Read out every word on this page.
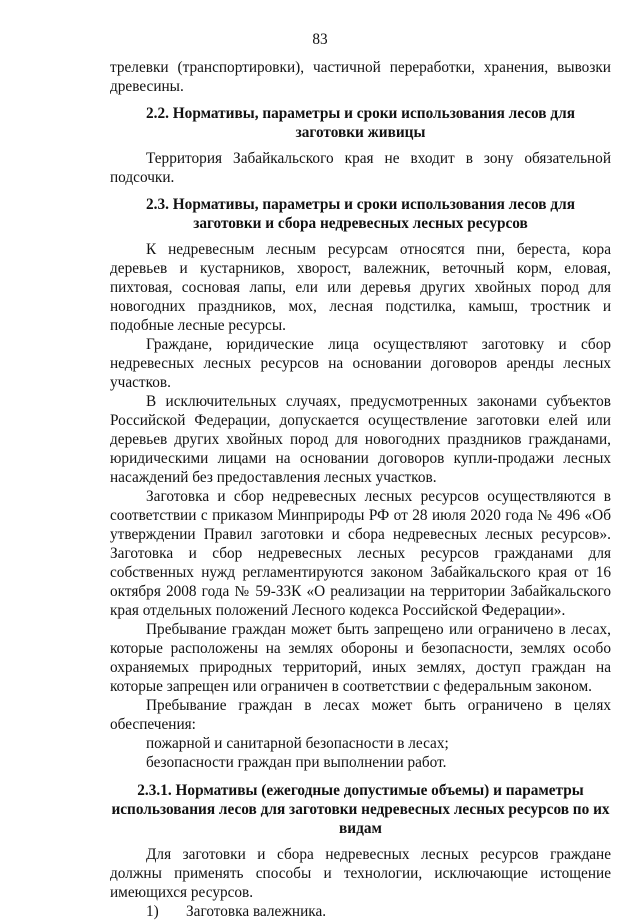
83

трелевки (транспортировки), частичной переработки, хранения, вывозки древесины.

2.2. Нормативы, параметры и сроки использования лесов для заготовки живицы

Территория Забайкальского края не входит в зону обязательной подсочки.

2.3. Нормативы, параметры и сроки использования лесов для заготовки и сбора недревесных лесных ресурсов

К недревесным лесным ресурсам относятся пни, береста, кора деревьев и кустарников, хворост, валежник, веточный корм, еловая, пихтовая, сосновая лапы, ели или деревья других хвойных пород для новогодних праздников, мох, лесная подстилка, камыш, тростник и подобные лесные ресурсы.

Граждане, юридические лица осуществляют заготовку и сбор недревесных лесных ресурсов на основании договоров аренды лесных участков.

В исключительных случаях, предусмотренных законами субъектов Российской Федерации, допускается осуществление заготовки елей или деревьев других хвойных пород для новогодних праздников гражданами, юридическими лицами на основании договоров купли-продажи лесных насаждений без предоставления лесных участков.

Заготовка и сбор недревесных лесных ресурсов осуществляются в соответствии с приказом Минприроды РФ от 28 июля 2020 года № 496 «Об утверждении Правил заготовки и сбора недревесных лесных ресурсов». Заготовка и сбор недревесных лесных ресурсов гражданами для собственных нужд регламентируются законом Забайкальского края от 16 октября 2008 года № 59-ЗЗК «О реализации на территории Забайкальского края отдельных положений Лесного кодекса Российской Федерации».

Пребывание граждан может быть запрещено или ограничено в лесах, которые расположены на землях обороны и безопасности, землях особо охраняемых природных территорий, иных землях, доступ граждан на которые запрещен или ограничен в соответствии с федеральным законом.

Пребывание граждан в лесах может быть ограничено в целях обеспечения:

пожарной и санитарной безопасности в лесах;

безопасности граждан при выполнении работ.

2.3.1. Нормативы (ежегодные допустимые объемы) и параметры использования лесов для заготовки недревесных лесных ресурсов по их видам

Для заготовки и сбора недревесных лесных ресурсов граждане должны применять способы и технологии, исключающие истощение имеющихся ресурсов.

1) Заготовка валежника.
